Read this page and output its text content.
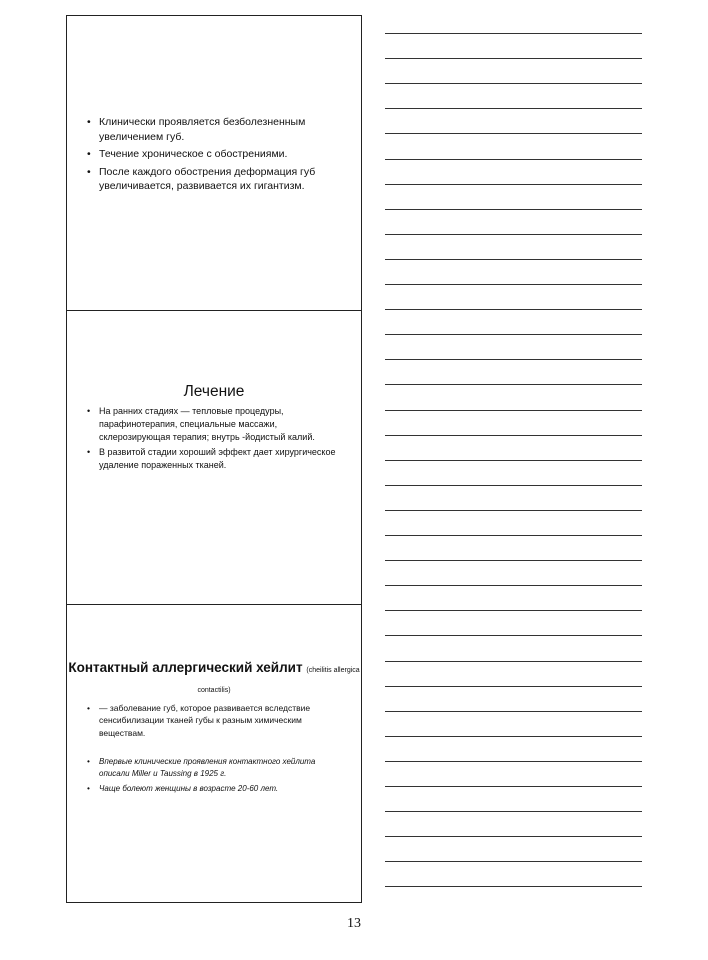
• Клинически проявляется безболезненным увеличением губ.
• Течение хроническое с обострениями.
• После каждого обострения деформация губ увеличивается, развивается их гигантизм.
Лечение
• На ранних стадиях — тепловые процедуры, парафинотерапия, специальные массажи, склерозирующая терапия; внутрь -йодистый калий.
• В развитой стадии хороший эффект дает хирургическое удаление пораженных тканей.
Контактный аллергический хейлит (cheilitis allergica contactilis)
• — заболевание губ, которое развивается вследствие сенсибилизации тканей губы к разным химическим веществам.
• Впервые клинические проявления контактного хейлита описали Miller и Taussing в 1925 г.
• Чаще болеют женщины в возрасте 20-60 лет.
13
